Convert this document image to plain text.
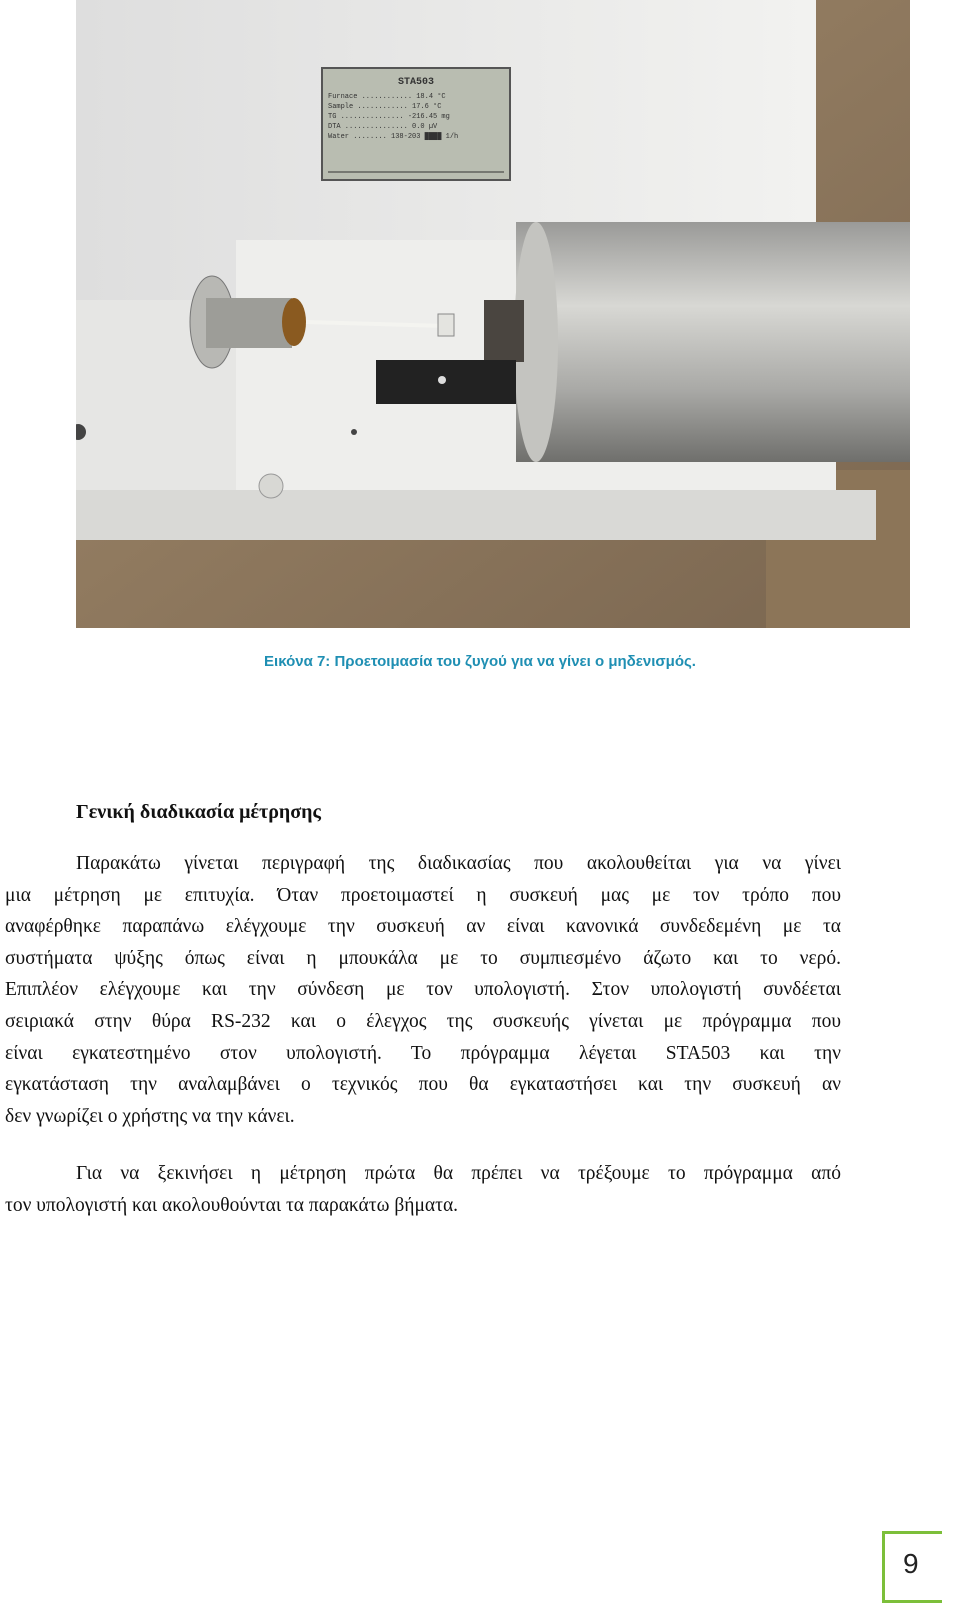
STA503
Furnace ............ 18.4 °C
Sample ............ 17.6 °C
TG ............... -216.45 mg
DTA ............... 0.0 µV
Water ........ 138-203 ████ 1/h
Εικόνα 7: Προετοιμασία του ζυγού για να γίνει ο μηδενισμός.
Γενική διαδικασία μέτρησης
Παρακάτω γίνεται περιγραφή της διαδικασίας που ακολουθείται για να γίνει
μια μέτρηση με επιτυχία. Όταν προετοιμαστεί η συσκευή μας με τον τρόπο που
αναφέρθηκε παραπάνω ελέγχουμε την συσκευή αν είναι κανονικά συνδεδεμένη με τα
συστήματα ψύξης όπως είναι η μπουκάλα με το συμπιεσμένο άζωτο και το νερό.
Επιπλέον ελέγχουμε και την σύνδεση με τον υπολογιστή. Στον υπολογιστή συνδέεται
σειριακά στην θύρα RS-232 και ο έλεγχος της συσκευής γίνεται με πρόγραμμα που
είναι εγκατεστημένο στον υπολογιστή. Το πρόγραμμα λέγεται STA503 και την
εγκατάσταση την αναλαμβάνει ο τεχνικός που θα εγκαταστήσει και την συσκευή αν
δεν γνωρίζει ο χρήστης να την κάνει.
Για να ξεκινήσει η μέτρηση πρώτα θα πρέπει να τρέξουμε το πρόγραμμα από
τον υπολογιστή και ακολουθούνται τα παρακάτω βήματα.
9
